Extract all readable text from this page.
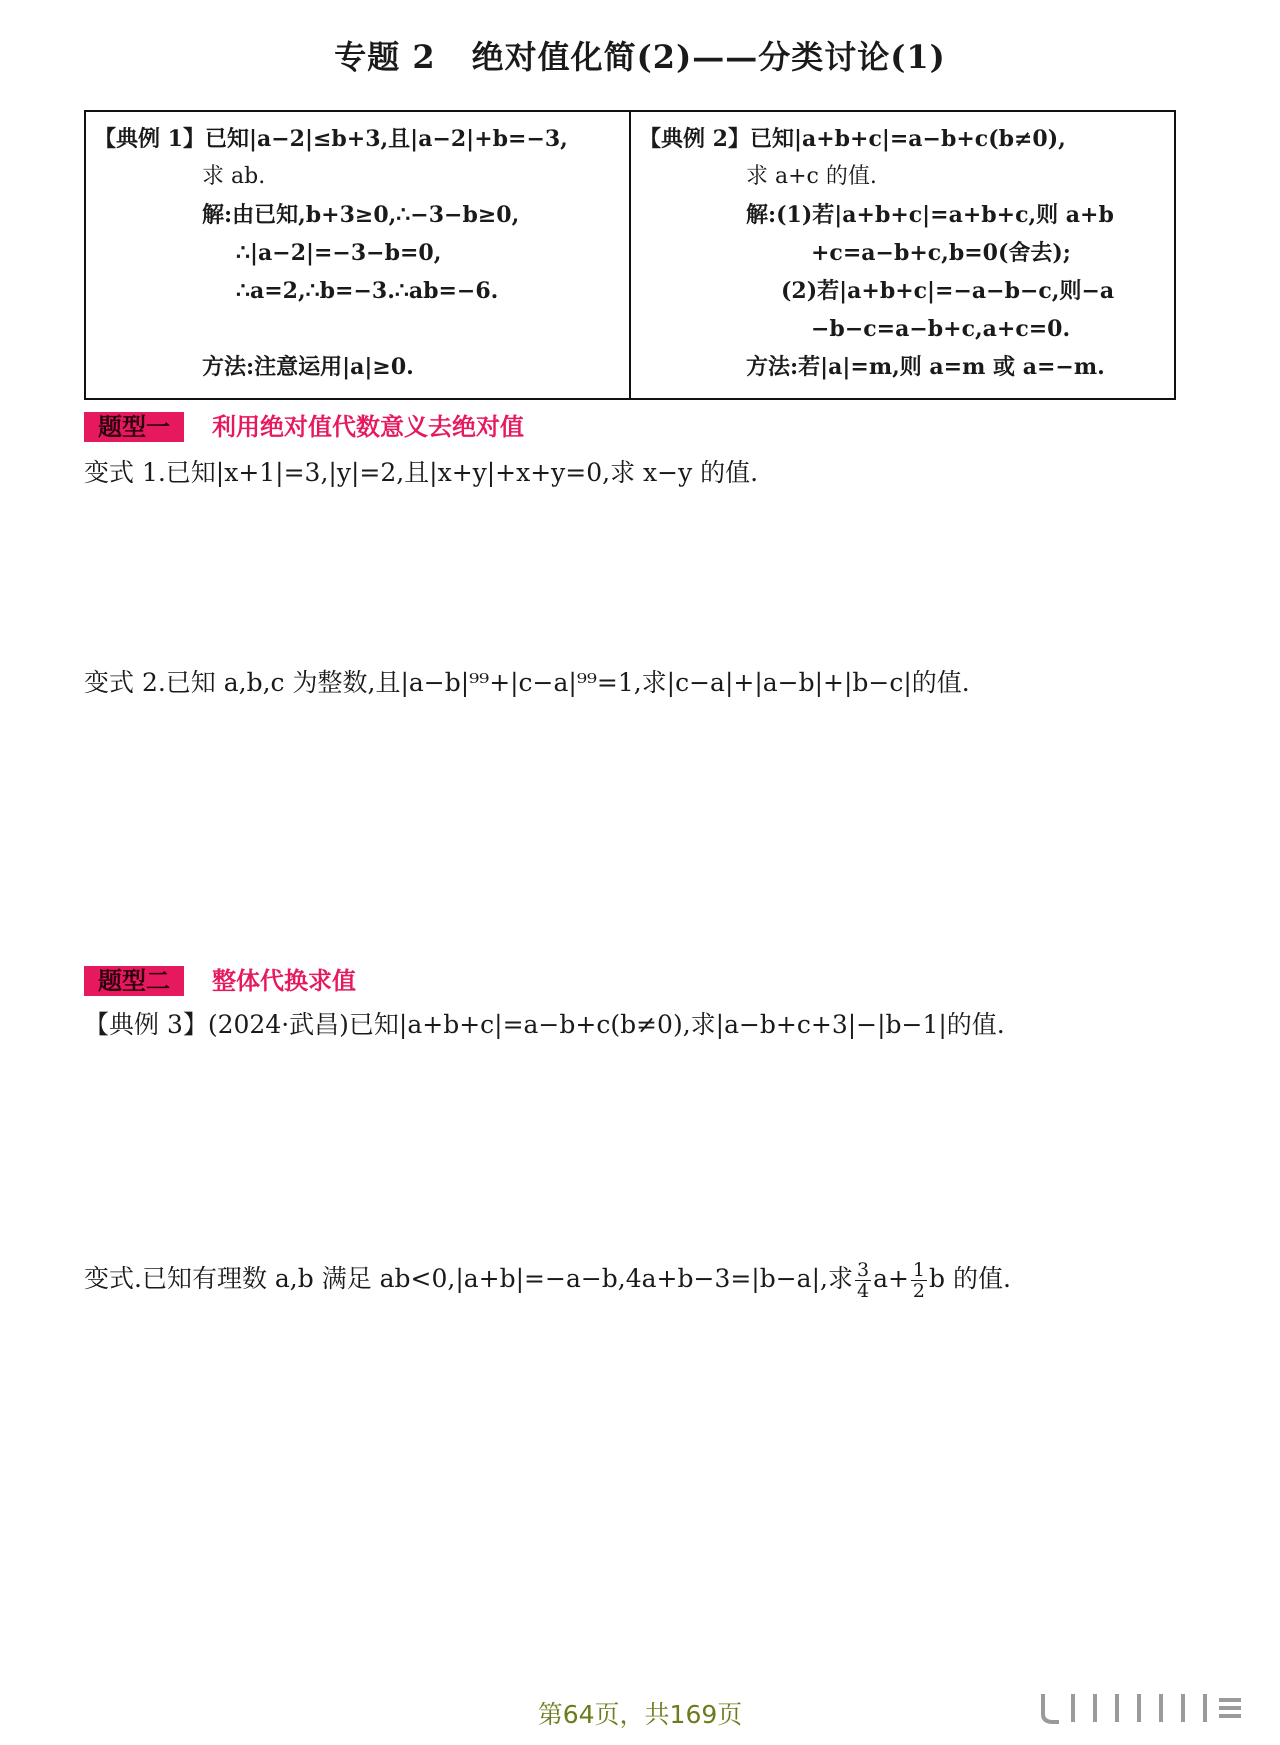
专题 2 绝对值化简(2)——分类讨论(1)
【典例 1】已知|a−2|≤b+3,且|a−2|+b=−3,
求 ab.
解:由已知,b+3≥0,∴−3−b≥0,
∴|a−2|=−3−b=0,
∴a=2,∴b=−3.∴ab=−6.
方法:注意运用|a|≥0.
【典例 2】已知|a+b+c|=a−b+c(b≠0),
求 a+c 的值.
解:(1)若|a+b+c|=a+b+c,则 a+b
+c=a−b+c,b=0(舍去);
(2)若|a+b+c|=−a−b−c,则−a
−b−c=a−b+c,a+c=0.
方法:若|a|=m,则 a=m 或 a=−m.
题型一	利用绝对值代数意义去绝对值
变式 1.已知|x+1|=3,|y|=2,且|x+y|+x+y=0,求 x−y 的值.
变式 2.已知 a,b,c 为整数,且|a−b|⁹⁹+|c−a|⁹⁹=1,求|c−a|+|a−b|+|b−c|的值.
题型二	整体代换求值
【典例 3】(2024·武昌)已知|a+b+c|=a−b+c(b≠0),求|a−b+c+3|−|b−1|的值.
变式.已知有理数 a,b 满足 ab<0,|a+b|=−a−b,4a+b−3=|b−a|,求 $\frac{3}{4} a+ \frac{1}{2}$ b 的值.
第64页，共169页
